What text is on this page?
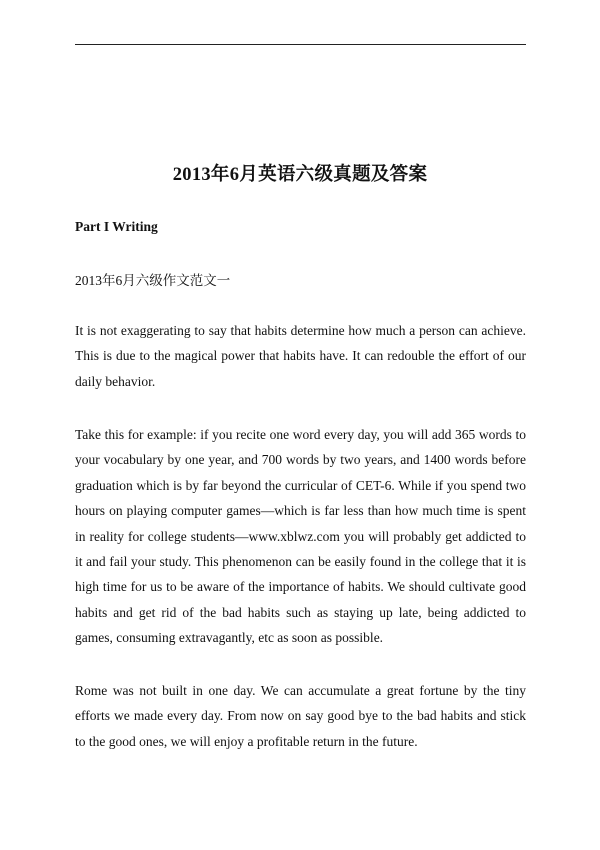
2013年6月英语六级真题及答案
Part I Writing
2013年6月六级作文范文一

It is not exaggerating to say that habits determine how much a person can achieve. This is due to the magical power that habits have. It can redouble the effort of our daily behavior.

Take this for example: if you recite one word every day, you will add 365 words to your vocabulary by one year, and 700 words by two years, and 1400 words before graduation which is by far beyond the curricular of CET-6. While if you spend two hours on playing computer games—which is far less than how much time is spent in reality for college students—www.xblwz.com you will probably get addicted to it and fail your study. This phenomenon can be easily found in the college that it is high time for us to be aware of the importance of habits. We should cultivate good habits and get rid of the bad habits such as staying up late, being addicted to games, consuming extravagantly, etc as soon as possible.

Rome was not built in one day. We can accumulate a great fortune by the tiny efforts we made every day. From now on say good bye to the bad habits and stick to the good ones, we will enjoy a profitable return in the future.
